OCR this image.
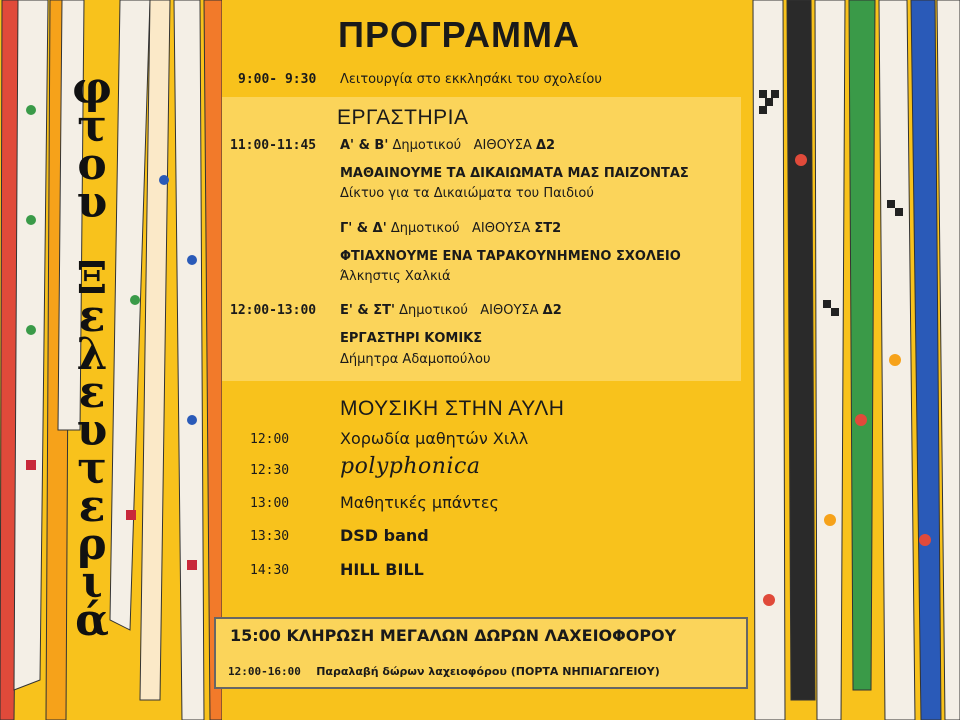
φ
τ
ο
υ
Ξ
ε
λ
ε
υ
τ
ε
ρ
ι
ά
ΠΡΟΓΡΑΜΜΑ
9:00- 9:30 Λειτουργία στο εκκλησάκι του σχολείου
ΕΡΓΑΣΤΗΡΙΑ
11:00-11:45 Α' & Β' Δημοτικού ΑΙΘΟΥΣΑ Δ2
ΜΑΘΑΙΝΟΥΜΕ ΤΑ ΔΙΚΑΙΩΜΑΤΑ ΜΑΣ ΠΑΙΖΟΝΤΑΣ
Δίκτυο για τα Δικαιώματα του Παιδιού
Γ' & Δ' Δημοτικού ΑΙΘΟΥΣΑ ΣΤ2
ΦΤΙΑΧΝΟΥΜΕ ΕΝΑ ΤΑΡΑΚΟΥΝΗΜΕΝΟ ΣΧΟΛΕΙΟ
Άλκηστις Χαλκιά
12:00-13:00 Ε' & ΣΤ' Δημοτικού ΑΙΘΟΥΣΑ Δ2
ΕΡΓΑΣΤΗΡΙ ΚΟΜΙΚΣ
Δήμητρα Αδαμοπούλου
ΜΟΥΣΙΚΗ ΣΤΗΝ ΑΥΛΗ
12:00	Χορωδία μαθητών Χιλλ
12:30 polyphonica
13:00	Μαθητικές μπάντες
13:30	DSD band
14:30	HILL BILL
15:00 ΚΛΗΡΩΣΗ ΜΕΓΑΛΩΝ ΔΩΡΩΝ ΛΑΧΕΙΟΦΟΡΟΥ
12:00-16:00 Παραλαβή δώρων λαχειοφόρου (ΠΟΡΤΑ ΝΗΠΙΑΓΩΓΕΙΟΥ)
